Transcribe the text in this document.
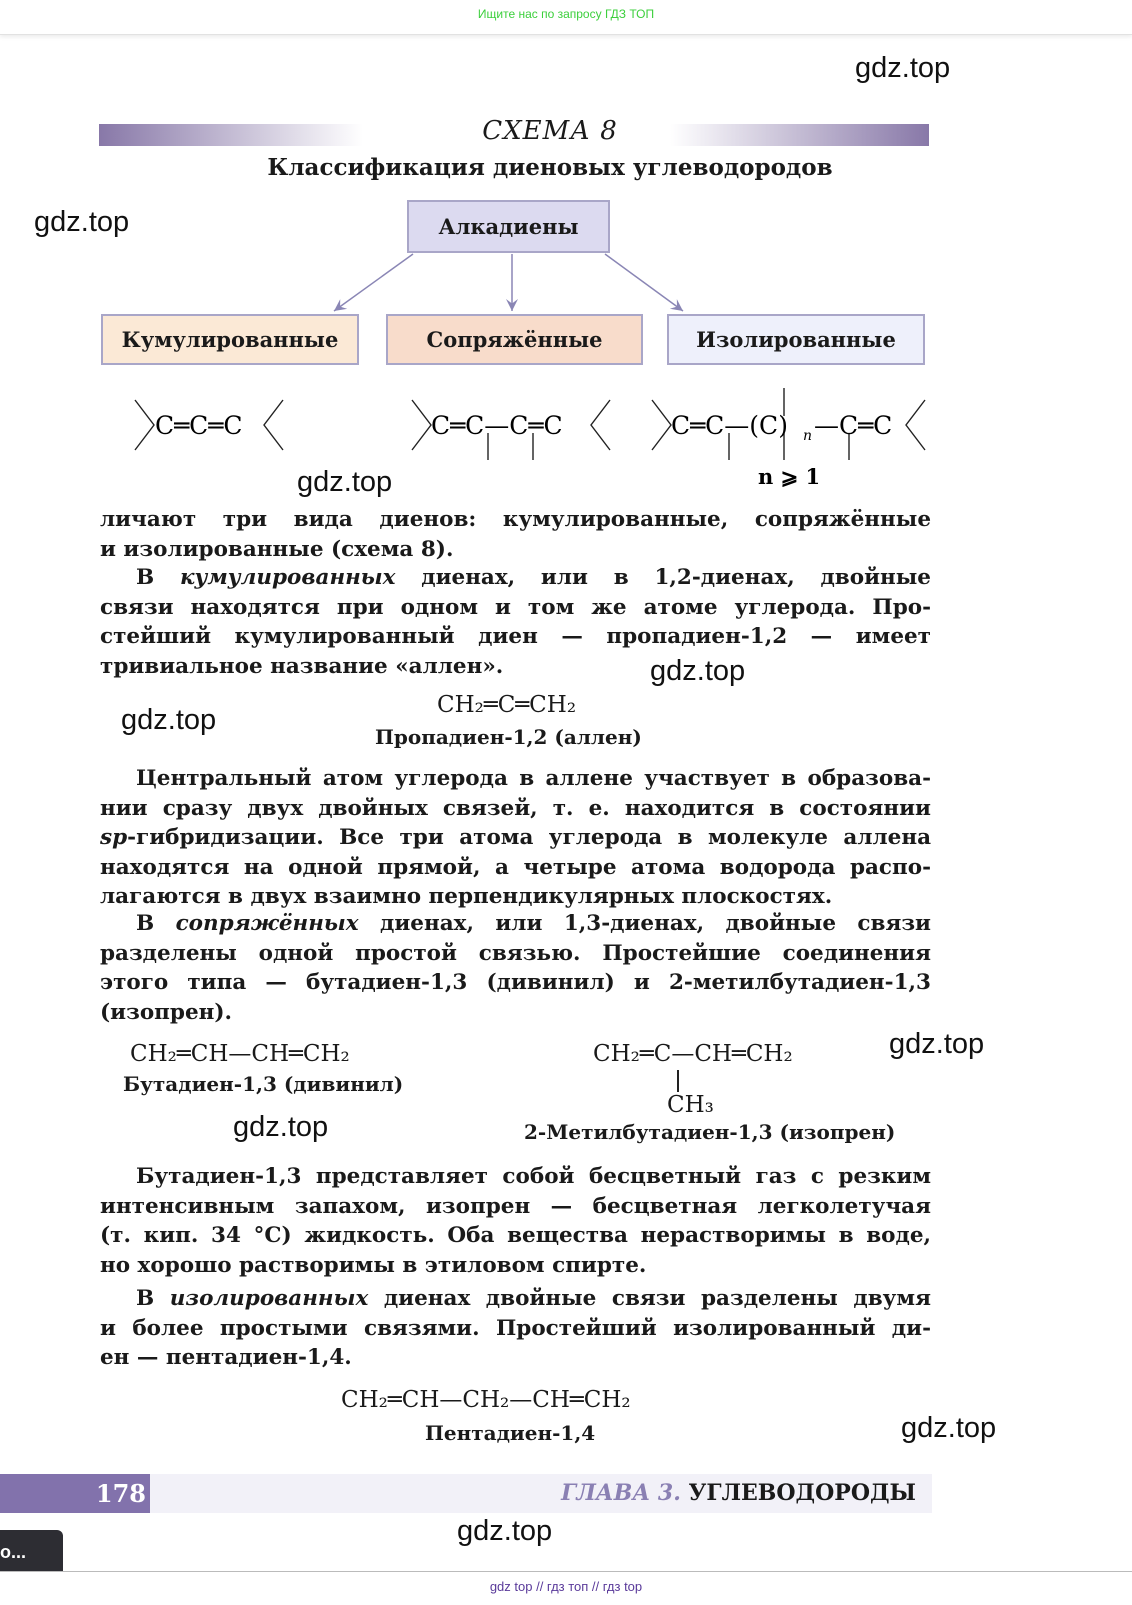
Ищите нас по запросу ГДЗ ТОП
gdz.top
gdz.top
gdz.top
gdz.top
gdz.top
gdz.top
gdz.top
gdz.top
gdz.top
СХЕМА 8
Классификация диеновых углеводородов
Алкадиены
Кумулированные	Сопряжённые	Изолированные
C═C═C	C═C—C═C	C═C—(C) n —C═C
n ⩾ 1
личают три вида диенов: кумулированные, сопряжённые
и изолированные (схема 8).
В кумулированных диенах, или в 1,2-диенах, двойные
связи находятся при одном и том же атоме углерода. Про-
стейший кумулированный диен — пропадиен-1,2 — имеет
тривиальное название «аллен».
Центральный атом углерода в аллене участвует в образова-
нии сразу двух двойных связей, т. е. находится в состоянии
sp-гибридизации. Все три атома углерода в молекуле аллена
находятся на одной прямой, а четыре атома водорода распо-
лагаются в двух взаимно перпендикулярных плоскостях.
В сопряжённых диенах, или 1,3-диенах, двойные связи
разделены одной простой связью. Простейшие соединения
этого типа — бутадиен-1,3 (дивинил) и 2-метилбутадиен-1,3
(изопрен).
Бутадиен-1,3 представляет собой бесцветный газ с резким
интенсивным запахом, изопрен — бесцветная легколетучая
(т. кип. 34 °C) жидкость. Оба вещества нерастворимы в воде,
но хорошо растворимы в этиловом спирте.
В изолированных диенах двойные связи разделены двумя
и более простыми связями. Простейший изолированный ди-
ен — пентадиен-1,4.
CH₂═C═CH₂
Пропадиен-1,2 (аллен)
CH₂═CH—CH═CH₂
Бутадиен-1,3 (дивинил)
CH₂═C—CH═CH₂
CH₃
2-Метилбутадиен-1,3 (изопрен)
CH₂═CH—CH₂—CH═CH₂
Пентадиен-1,4
178	ГЛАВА 3. УГЛЕВОДОРОДЫ
o...
gdz top // гдз топ // гдз top
